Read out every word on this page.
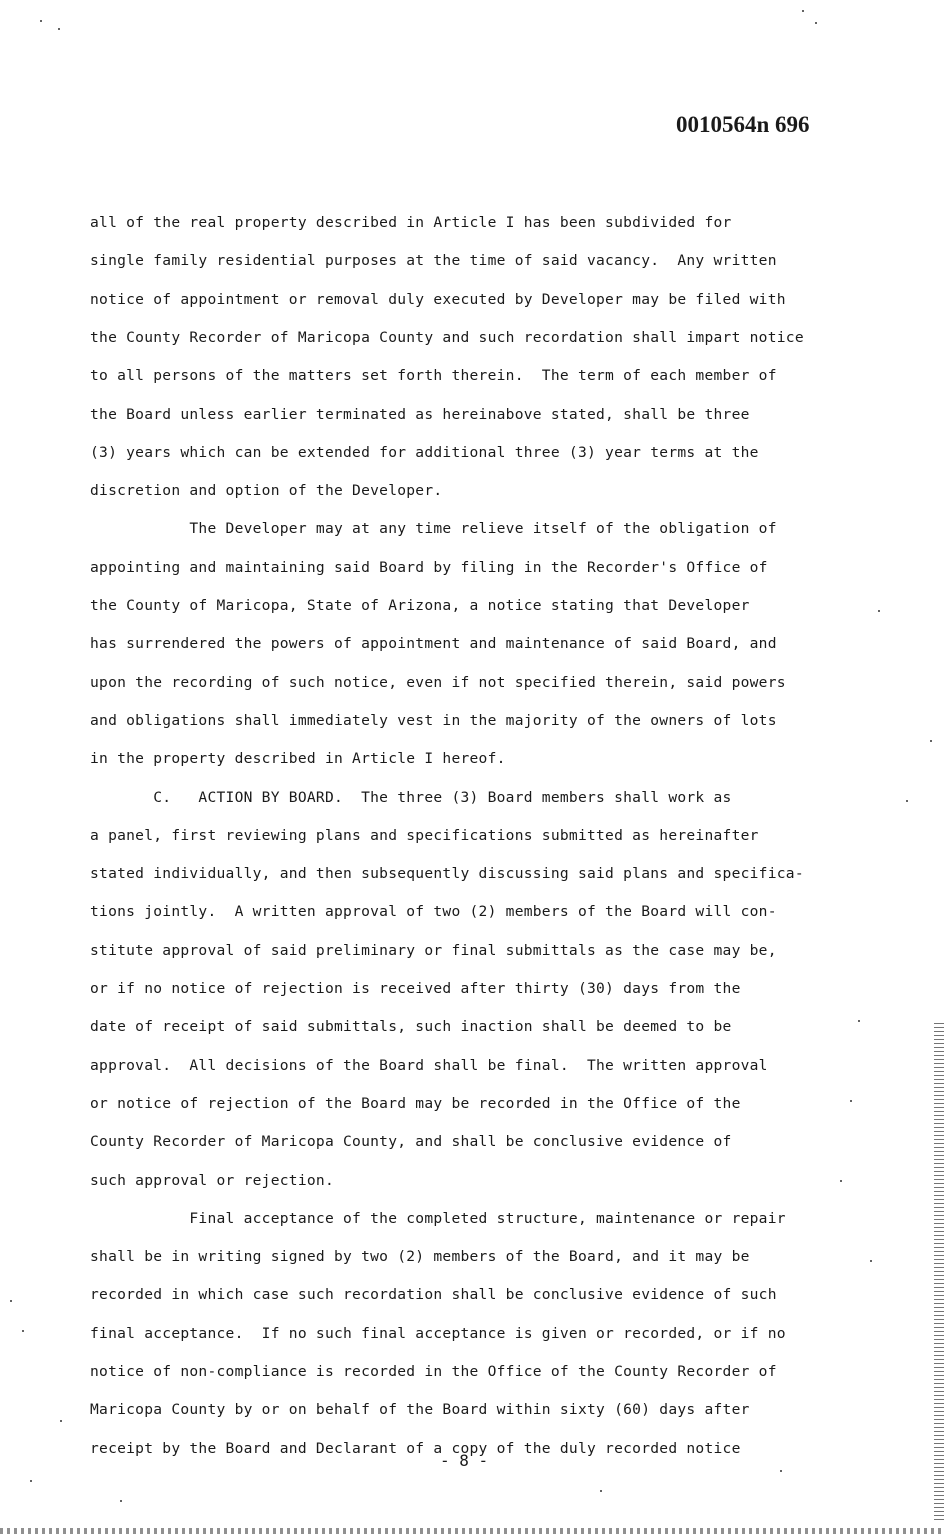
0010564n 696
all of the real property described in Article I has been subdivided for
single family residential purposes at the time of said vacancy.  Any written
notice of appointment or removal duly executed by Developer may be filed with
the County Recorder of Maricopa County and such recordation shall impart notice
to all persons of the matters set forth therein.  The term of each member of
the Board unless earlier terminated as hereinabove stated, shall be three
(3) years which can be extended for additional three (3) year terms at the
discretion and option of the Developer.
The Developer may at any time relieve itself of the obligation of
appointing and maintaining said Board by filing in the Recorder's Office of
the County of Maricopa, State of Arizona, a notice stating that Developer
has surrendered the powers of appointment and maintenance of said Board, and
upon the recording of such notice, even if not specified therein, said powers
and obligations shall immediately vest in the majority of the owners of lots
in the property described in Article I hereof.
C.   ACTION BY BOARD.  The three (3) Board members shall work as
a panel, first reviewing plans and specifications submitted as hereinafter
stated individually, and then subsequently discussing said plans and specifica-
tions jointly.  A written approval of two (2) members of the Board will con-
stitute approval of said preliminary or final submittals as the case may be,
or if no notice of rejection is received after thirty (30) days from the
date of receipt of said submittals, such inaction shall be deemed to be
approval.  All decisions of the Board shall be final.  The written approval
or notice of rejection of the Board may be recorded in the Office of the
County Recorder of Maricopa County, and shall be conclusive evidence of
such approval or rejection.
Final acceptance of the completed structure, maintenance or repair
shall be in writing signed by two (2) members of the Board, and it may be
recorded in which case such recordation shall be conclusive evidence of such
final acceptance.  If no such final acceptance is given or recorded, or if no
notice of non-compliance is recorded in the Office of the County Recorder of
Maricopa County by or on behalf of the Board within sixty (60) days after
receipt by the Board and Declarant of a copy of the duly recorded notice
- 8 -
